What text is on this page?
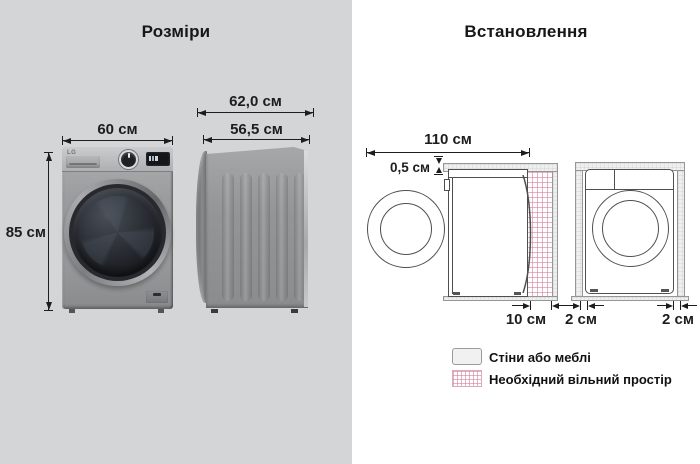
Розміри
60 см
85 см
LG
62,0 см
56,5 см
Встановлення
110 см
0,5 см
10 см	2 см	2 см
Стіни або меблі
Необхідний вільний простір
